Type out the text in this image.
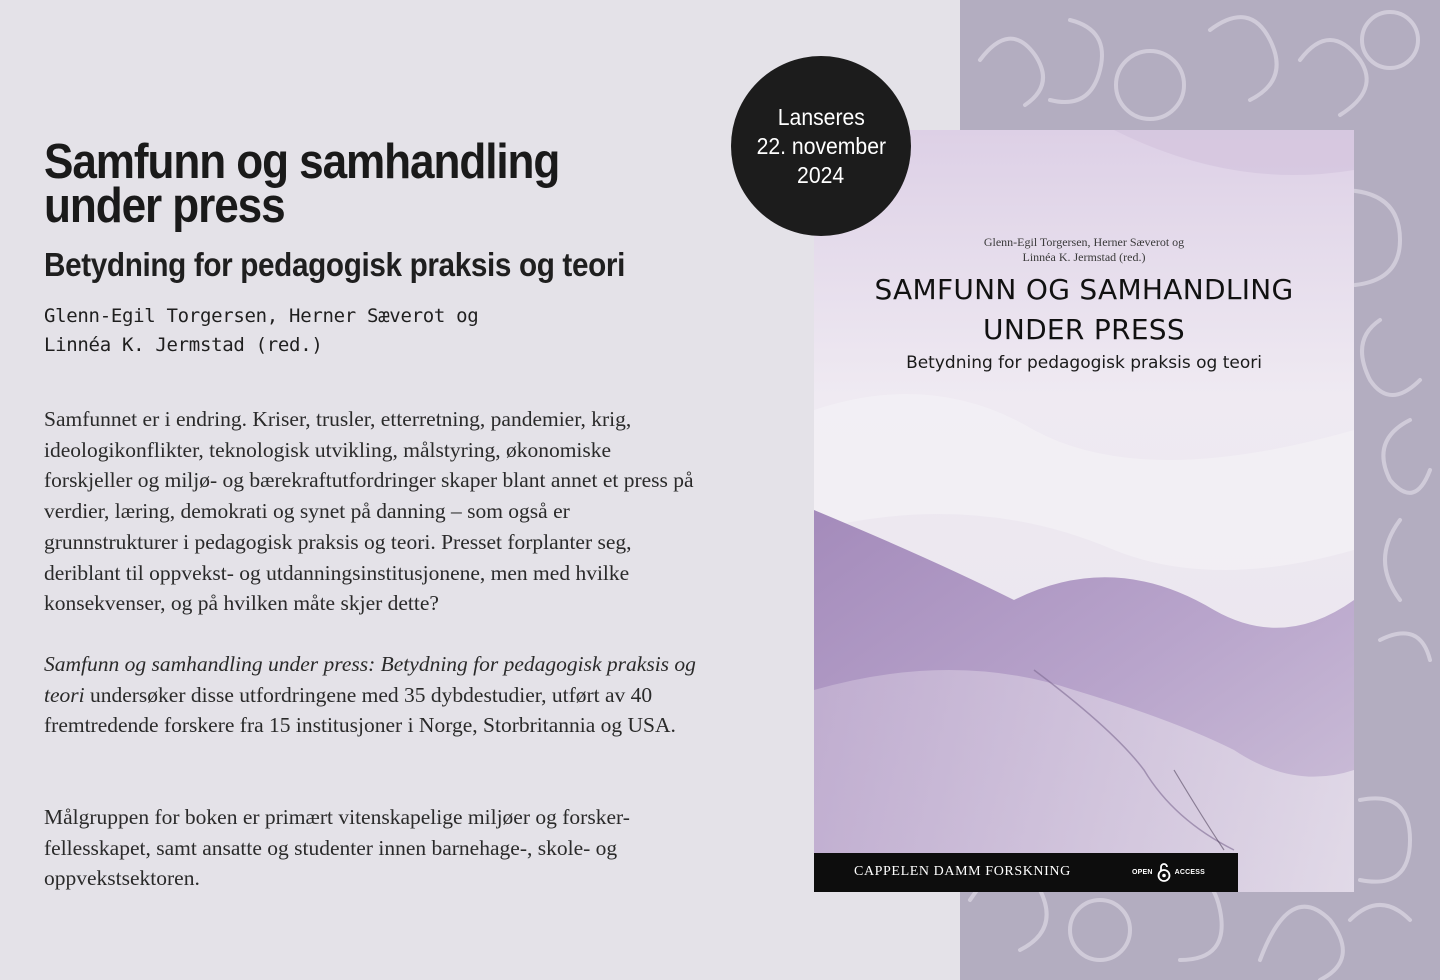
Samfunn og samhandling
under press
Betydning for pedagogisk praksis og teori

Glenn-Egil Torgersen, Herner Sæverot og
Linnéa K. Jermstad (red.)

Samfunnet er i endring. Kriser, trusler, etterretning, pandemier, krig, ideologikonflikter, teknologisk utvikling, målstyring, økonomiske forskjeller og miljø- og bærekraftutfordringer skaper blant annet et press på verdier, læring, demokrati og synet på danning – som også er grunnstrukturer i pedagogisk praksis og teori. Presset forplanter seg, deriblant til oppvekst- og utdanningsinstitusjonene, men med hvilke konsekvenser, og på hvilken måte skjer dette?

Samfunn og samhandling under press: Betydning for pedagogisk praksis og teori undersøker disse utfordringene med 35 dybdestudier, utført av 40 fremtredende forskere fra 15 institusjoner i Norge, Storbritannia og USA.

Målgruppen for boken er primært vitenskapelige miljøer og forsker-fellesskapet, samt ansatte og studenter innen barnehage-, skole- og oppvekstsektoren.

Glenn-Egil Torgersen, Herner Sæverot og
Linnéa K. Jermstad (red.)
SAMFUNN OG SAMHANDLING
UNDER PRESS
Betydning for pedagogisk praksis og teori
CAPPELEN DAMM FORSKNING	OPEN	ACCESS
Lanseres
22. november
2024
